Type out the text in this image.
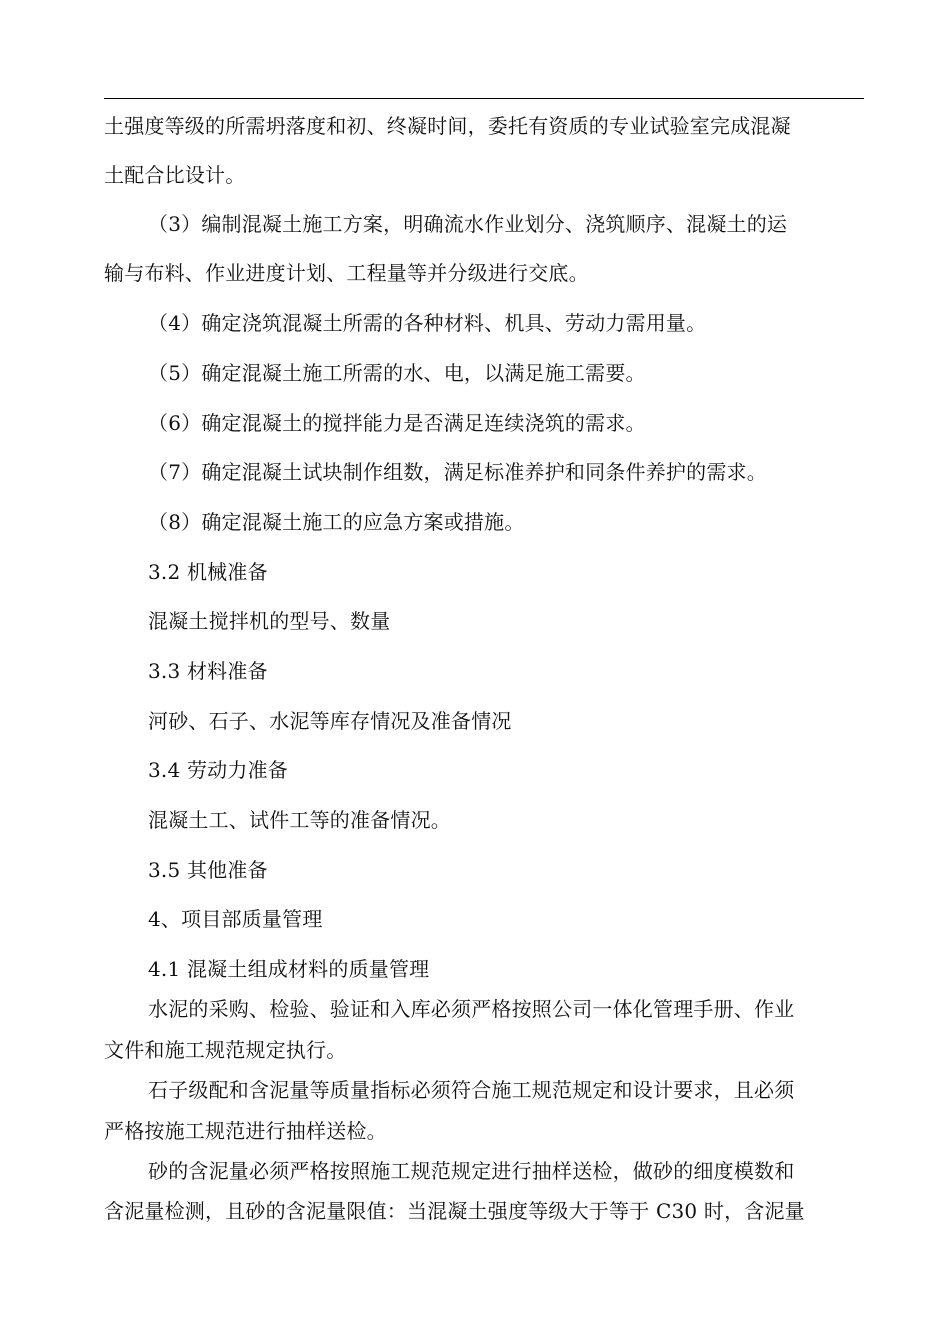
土强度等级的所需坍落度和初、终凝时间，委托有资质的专业试验室完成混凝
土配合比设计。
（3）编制混凝土施工方案，明确流水作业划分、浇筑顺序、混凝土的运
输与布料、作业进度计划、工程量等并分级进行交底。
（4）确定浇筑混凝土所需的各种材料、机具、劳动力需用量。
（5）确定混凝土施工所需的水、电，以满足施工需要。
（6）确定混凝土的搅拌能力是否满足连续浇筑的需求。
（7）确定混凝土试块制作组数，满足标准养护和同条件养护的需求。
（8）确定混凝土施工的应急方案或措施。
3.2 机械准备
混凝土搅拌机的型号、数量
3.3 材料准备
河砂、石子、水泥等库存情况及准备情况
3.4 劳动力准备
混凝土工、试件工等的准备情况。
3.5 其他准备
4、项目部质量管理
4.1 混凝土组成材料的质量管理
水泥的采购、检验、验证和入库必须严格按照公司一体化管理手册、作业
文件和施工规范规定执行。
石子级配和含泥量等质量指标必须符合施工规范规定和设计要求，且必须
严格按施工规范进行抽样送检。
砂的含泥量必须严格按照施工规范规定进行抽样送检，做砂的细度模数和
含泥量检测，且砂的含泥量限值：当混凝土强度等级大于等于 C30 时，含泥量
